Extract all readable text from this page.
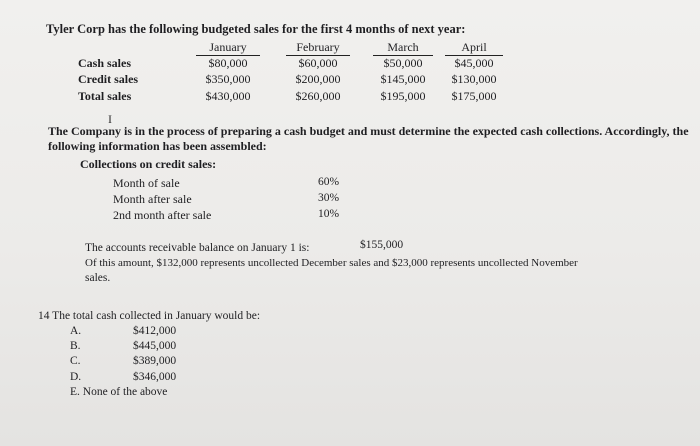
Tyler Corp has the following budgeted sales for the first 4 months of next year:
January	February	March	April
Cash sales	$80,000	$60,000	$50,000	$45,000
Credit sales	$350,000	$200,000	$145,000	$130,000
Total sales	$430,000	$260,000	$195,000	$175,000
I
The Company is in the process of preparing a cash budget and must determine the expected cash collections. Accordingly, the
following information has been assembled:
Collections on credit sales:
Month of sale	60%
Month after sale	30%
2nd month after sale	10%
The accounts receivable balance on January 1 is:	$155,000
Of this amount, $132,000 represents uncollected December sales and $23,000 represents uncollected November
sales.
14 The total cash collected in January would be:
A.	$412,000
B.	$445,000
C.	$389,000
D.	$346,000
E. None of the above
